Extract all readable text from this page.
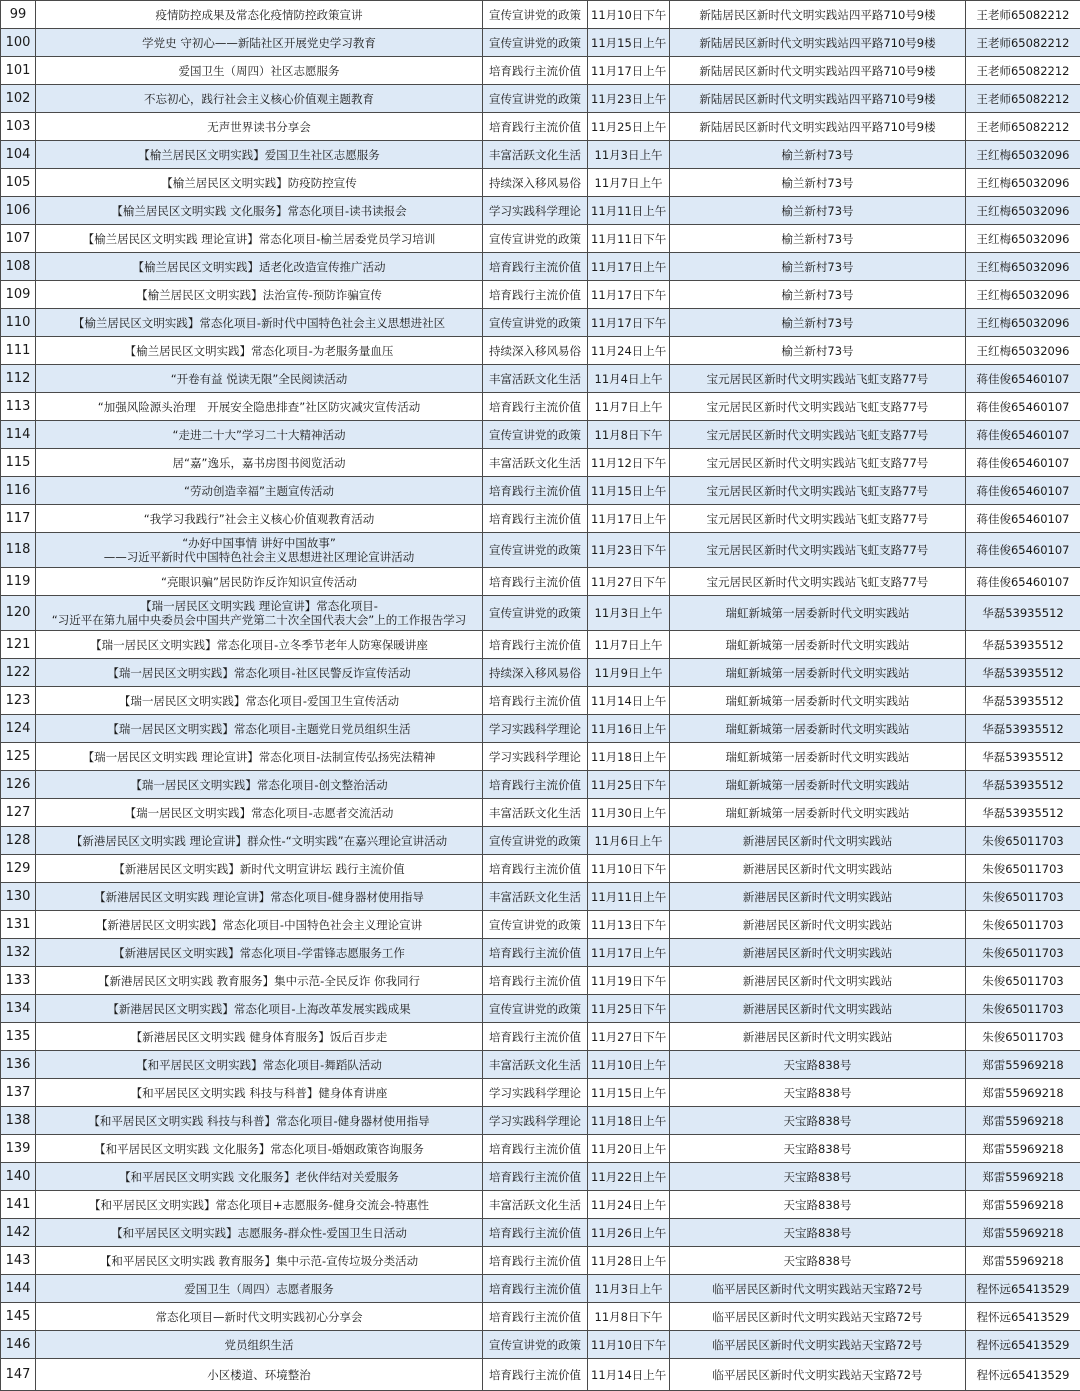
99	疫情防控成果及常态化疫情防控政策宣讲	宣传宣讲党的政策	11月10日下午	新陆居民区新时代文明实践站四平路710号9楼	王老师65082212
100	学党史 守初心——新陆社区开展党史学习教育	宣传宣讲党的政策	11月15日上午	新陆居民区新时代文明实践站四平路710号9楼	王老师65082212
101	爱国卫生（周四）社区志愿服务	培育践行主流价值	11月17日上午	新陆居民区新时代文明实践站四平路710号9楼	王老师65082212
102	不忘初心，践行社会主义核心价值观主题教育	宣传宣讲党的政策	11月23日上午	新陆居民区新时代文明实践站四平路710号9楼	王老师65082212
103	无声世界读书分享会	培育践行主流价值	11月25日上午	新陆居民区新时代文明实践站四平路710号9楼	王老师65082212
104	【榆兰居民区文明实践】爱国卫生社区志愿服务	丰富活跃文化生活	11月3日上午	榆兰新村73号	王红梅65032096
105	【榆兰居民区文明实践】防疫防控宣传	持续深入移风易俗	11月7日上午	榆兰新村73号	王红梅65032096
106	【榆兰居民区文明实践 文化服务】常态化项目-读书读报会	学习实践科学理论	11月11日上午	榆兰新村73号	王红梅65032096
107	【榆兰居民区文明实践 理论宣讲】常态化项目-榆兰居委党员学习培训	宣传宣讲党的政策	11月11日下午	榆兰新村73号	王红梅65032096
108	【榆兰居民区文明实践】适老化改造宣传推广活动	培育践行主流价值	11月17日上午	榆兰新村73号	王红梅65032096
109	【榆兰居民区文明实践】法治宣传-预防诈骗宣传	培育践行主流价值	11月17日下午	榆兰新村73号	王红梅65032096
110	【榆兰居民区文明实践】常态化项目-新时代中国特色社会主义思想进社区	宣传宣讲党的政策	11月17日下午	榆兰新村73号	王红梅65032096
111	【榆兰居民区文明实践】常态化项目-为老服务量血压	持续深入移风易俗	11月24日上午	榆兰新村73号	王红梅65032096
112	“开卷有益 悦读无限”全民阅读活动	丰富活跃文化生活	11月4日上午	宝元居民区新时代文明实践站飞虹支路77号	蒋佳俊65460107
113	“加强风险源头治理　开展安全隐患排查”社区防灾减灾宣传活动	培育践行主流价值	11月7日上午	宝元居民区新时代文明实践站飞虹支路77号	蒋佳俊65460107
114	“走进二十大”学习二十大精神活动	宣传宣讲党的政策	11月8日下午	宝元居民区新时代文明实践站飞虹支路77号	蒋佳俊65460107
115	居“嘉”逸乐，嘉书房图书阅览活动	丰富活跃文化生活	11月12日下午	宝元居民区新时代文明实践站飞虹支路77号	蒋佳俊65460107
116	“劳动创造幸福”主题宣传活动	培育践行主流价值	11月15日上午	宝元居民区新时代文明实践站飞虹支路77号	蒋佳俊65460107
117	“我学习我践行”社会主义核心价值观教育活动	培育践行主流价值	11月17日上午	宝元居民区新时代文明实践站飞虹支路77号	蒋佳俊65460107
118	“办好中国事情 讲好中国故事”
——习近平新时代中国特色社会主义思想进社区理论宣讲活动	宣传宣讲党的政策	11月23日下午	宝元居民区新时代文明实践站飞虹支路77号	蒋佳俊65460107
119	“亮眼识骗”居民防诈反诈知识宣传活动	培育践行主流价值	11月27日下午	宝元居民区新时代文明实践站飞虹支路77号	蒋佳俊65460107
120	【瑞一居民区文明实践 理论宣讲】常态化项目-
“习近平在第九届中央委员会中国共产党第二十次全国代表大会”上的工作报告学习	宣传宣讲党的政策	11月3日上午	瑞虹新城第一居委新时代文明实践站	华磊53935512
121	【瑞一居民区文明实践】常态化项目-立冬季节老年人防寒保暖讲座	培育践行主流价值	11月7日上午	瑞虹新城第一居委新时代文明实践站	华磊53935512
122	【瑞一居民区文明实践】常态化项目-社区民警反诈宣传活动	持续深入移风易俗	11月9日上午	瑞虹新城第一居委新时代文明实践站	华磊53935512
123	【瑞一居民区文明实践】常态化项目-爱国卫生宣传活动	培育践行主流价值	11月14日上午	瑞虹新城第一居委新时代文明实践站	华磊53935512
124	【瑞一居民区文明实践】常态化项目-主题党日党员组织生活	学习实践科学理论	11月16日上午	瑞虹新城第一居委新时代文明实践站	华磊53935512
125	【瑞一居民区文明实践 理论宣讲】常态化项目-法制宣传弘扬宪法精神	学习实践科学理论	11月18日上午	瑞虹新城第一居委新时代文明实践站	华磊53935512
126	【瑞一居民区文明实践】常态化项目-创文整治活动	培育践行主流价值	11月25日下午	瑞虹新城第一居委新时代文明实践站	华磊53935512
127	【瑞一居民区文明实践】常态化项目-志愿者交流活动	丰富活跃文化生活	11月30日上午	瑞虹新城第一居委新时代文明实践站	华磊53935512
128	【新港居民区文明实践 理论宣讲】群众性-“文明实践”在嘉兴理论宣讲活动	宣传宣讲党的政策	11月6日上午	新港居民区新时代文明实践站	朱俊65011703
129	【新港居民区文明实践】新时代文明宣讲坛 践行主流价值	培育践行主流价值	11月10日下午	新港居民区新时代文明实践站	朱俊65011703
130	【新港居民区文明实践 理论宣讲】常态化项目-健身器材使用指导	丰富活跃文化生活	11月11日上午	新港居民区新时代文明实践站	朱俊65011703
131	【新港居民区文明实践】常态化项目-中国特色社会主义理论宣讲	宣传宣讲党的政策	11月13日下午	新港居民区新时代文明实践站	朱俊65011703
132	【新港居民区文明实践】常态化项目-学雷锋志愿服务工作	培育践行主流价值	11月17日上午	新港居民区新时代文明实践站	朱俊65011703
133	【新港居民区文明实践 教育服务】集中示范-全民反诈 你我同行	培育践行主流价值	11月19日下午	新港居民区新时代文明实践站	朱俊65011703
134	【新港居民区文明实践】常态化项目-上海改革发展实践成果	宣传宣讲党的政策	11月25日下午	新港居民区新时代文明实践站	朱俊65011703
135	【新港居民区文明实践 健身体育服务】饭后百步走	培育践行主流价值	11月27日下午	新港居民区新时代文明实践站	朱俊65011703
136	【和平居民区文明实践】常态化项目-舞蹈队活动	丰富活跃文化生活	11月10日上午	天宝路838号	郑雷55969218
137	【和平居民区文明实践 科技与科普】健身体育讲座	学习实践科学理论	11月15日上午	天宝路838号	郑雷55969218
138	【和平居民区文明实践 科技与科普】常态化项目-健身器材使用指导	学习实践科学理论	11月18日上午	天宝路838号	郑雷55969218
139	【和平居民区文明实践 文化服务】常态化项目-婚姻政策咨询服务	培育践行主流价值	11月20日上午	天宝路838号	郑雷55969218
140	【和平居民区文明实践 文化服务】老伙伴结对关爱服务	培育践行主流价值	11月22日上午	天宝路838号	郑雷55969218
141	【和平居民区文明实践】常态化项目+志愿服务-健身交流会-特惠性	丰富活跃文化生活	11月24日上午	天宝路838号	郑雷55969218
142	【和平居民区文明实践】志愿服务-群众性-爱国卫生日活动	培育践行主流价值	11月26日上午	天宝路838号	郑雷55969218
143	【和平居民区文明实践 教育服务】集中示范-宣传垃圾分类活动	培育践行主流价值	11月28日上午	天宝路838号	郑雷55969218
144	爱国卫生（周四）志愿者服务	培育践行主流价值	11月3日上午	临平居民区新时代文明实践站天宝路72号	程怀远65413529
145	常态化项目—新时代文明实践初心分享会	培育践行主流价值	11月8日下午	临平居民区新时代文明实践站天宝路72号	程怀远65413529
146	党员组织生活	宣传宣讲党的政策	11月10日下午	临平居民区新时代文明实践站天宝路72号	程怀远65413529
147	小区楼道、环境整治	培育践行主流价值	11月14日上午	临平居民区新时代文明实践站天宝路72号	程怀远65413529
